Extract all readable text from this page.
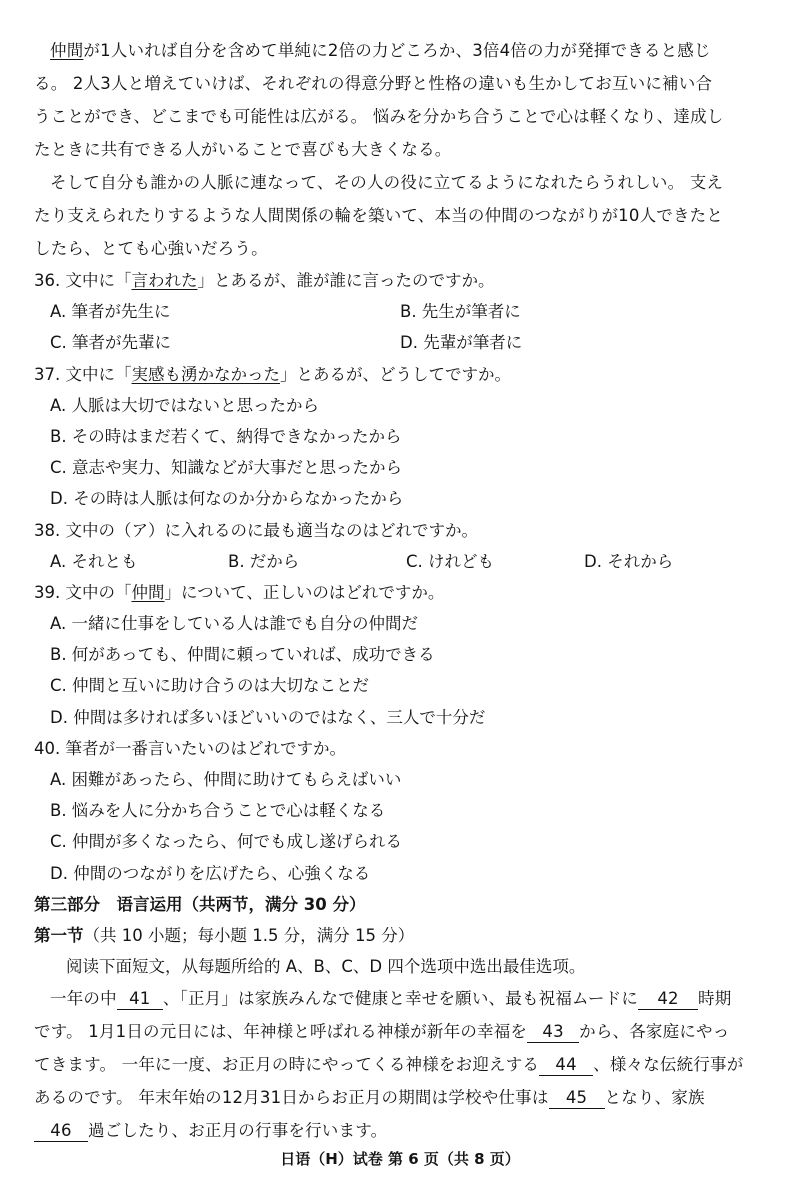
仲間が1人いれば自分を含めて単純に2倍の力どころか、3倍4倍の力が発揮できると感じ
る。 2人3人と増えていけば、それぞれの得意分野と性格の違いも生かしてお互いに補い合
うことができ、どこまでも可能性は広がる。 悩みを分かち合うことで心は軽くなり、達成し
たときに共有できる人がいることで喜びも大きくなる。
そして自分も誰かの人脈に連なって、その人の役に立てるようになれたらうれしい。 支え
たり支えられたりするような人間関係の輪を築いて、本当の仲間のつながりが10人できたと
したら、とても心強いだろう。
36. 文中に「言われた」とあるが、誰が誰に言ったのですか。
A. 筆者が先生に	B. 先生が筆者に
C. 筆者が先輩に	D. 先輩が筆者に
37. 文中に「実感も湧かなかった」とあるが、どうしてですか。
A. 人脈は大切ではないと思ったから
B. その時はまだ若くて、納得できなかったから
C. 意志や実力、知識などが大事だと思ったから
D. その時は人脈は何なのか分からなかったから
38. 文中の（ア）に入れるのに最も適当なのはどれですか。
A. それとも	B. だから	C. けれども	D. それから
39. 文中の「仲間」について、正しいのはどれですか。
A. 一緒に仕事をしている人は誰でも自分の仲間だ
B. 何があっても、仲間に頼っていれば、成功できる
C. 仲間と互いに助け合うのは大切なことだ
D. 仲間は多ければ多いほどいいのではなく、三人で十分だ
40. 筆者が一番言いたいのはどれですか。
A. 困難があったら、仲間に助けてもらえばいい
B. 悩みを人に分かち合うことで心は軽くなる
C. 仲間が多くなったら、何でも成し遂げられる
D. 仲間のつながりを広げたら、心強くなる
第三部分　语言运用（共两节，满分 30 分）
第一节（共 10 小题；每小题 1.5 分，满分 15 分）
阅读下面短文，从每题所给的 A、B、C、D 四个选项中选出最佳选项。
一年の中 41 、「正月」は家族みんなで健康と幸せを願い、最も祝福ムードに 42 時期
です。 1月1日の元日には、年神様と呼ばれる神様が新年の幸福を 43 から、各家庭にやっ
てきます。 一年に一度、お正月の時にやってくる神様をお迎えする 44 、様々な伝統行事が
あるのです。 年末年始の12月31日からお正月の期間は学校や仕事は 45 となり、家族
46 過ごしたり、お正月の行事を行います。
日语（H）试卷 第 6 页（共 8 页）
